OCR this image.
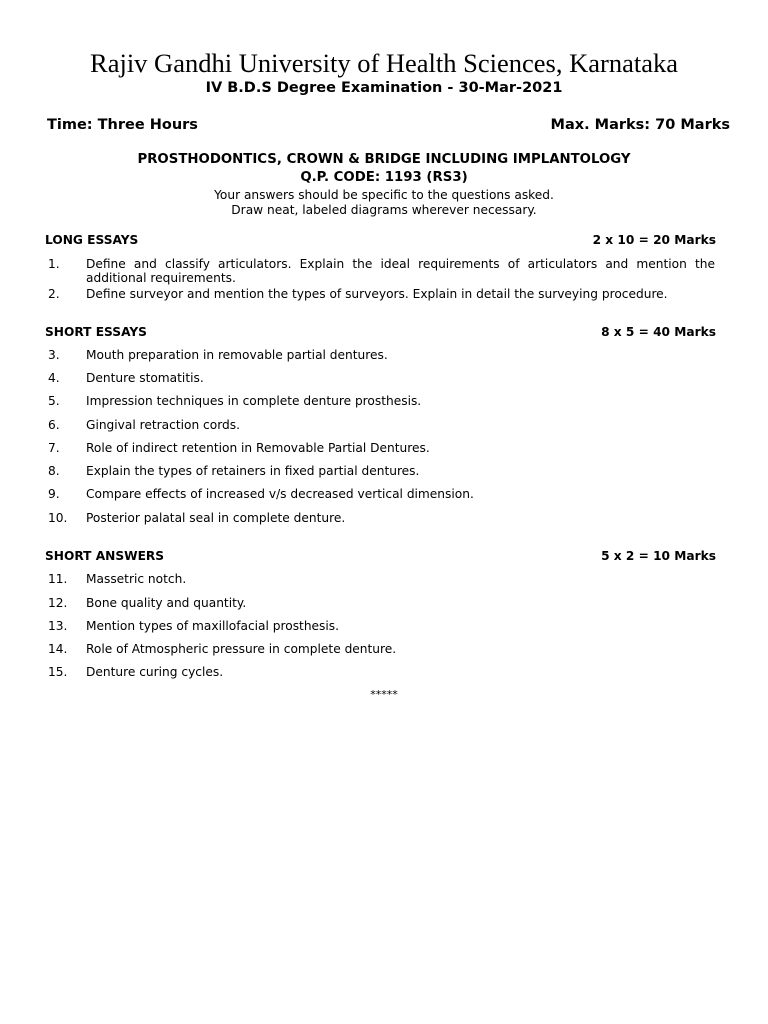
Rajiv Gandhi University of Health Sciences, Karnataka
IV B.D.S Degree Examination - 30-Mar-2021
Time: Three Hours	Max. Marks: 70 Marks
PROSTHODONTICS, CROWN & BRIDGE INCLUDING IMPLANTOLOGY
Q.P. CODE: 1193 (RS3)
Your answers should be specific to the questions asked.
Draw neat, labeled diagrams wherever necessary.
LONG ESSAYS	2 x 10 = 20 Marks
1. Define and classify articulators. Explain the ideal requirements of articulators and mention the additional requirements.
2. Define surveyor and mention the types of surveyors. Explain in detail the surveying procedure.
SHORT ESSAYS	8 x 5 = 40 Marks
3. Mouth preparation in removable partial dentures.
4. Denture stomatitis.
5. Impression techniques in complete denture prosthesis.
6. Gingival retraction cords.
7. Role of indirect retention in Removable Partial Dentures.
8. Explain the types of retainers in fixed partial dentures.
9. Compare effects of increased v/s decreased vertical dimension.
10. Posterior palatal seal in complete denture.
SHORT ANSWERS	5 x 2 = 10 Marks
11. Massetric notch.
12. Bone quality and quantity.
13. Mention types of maxillofacial prosthesis.
14. Role of Atmospheric pressure in complete denture.
15. Denture curing cycles.
*****
